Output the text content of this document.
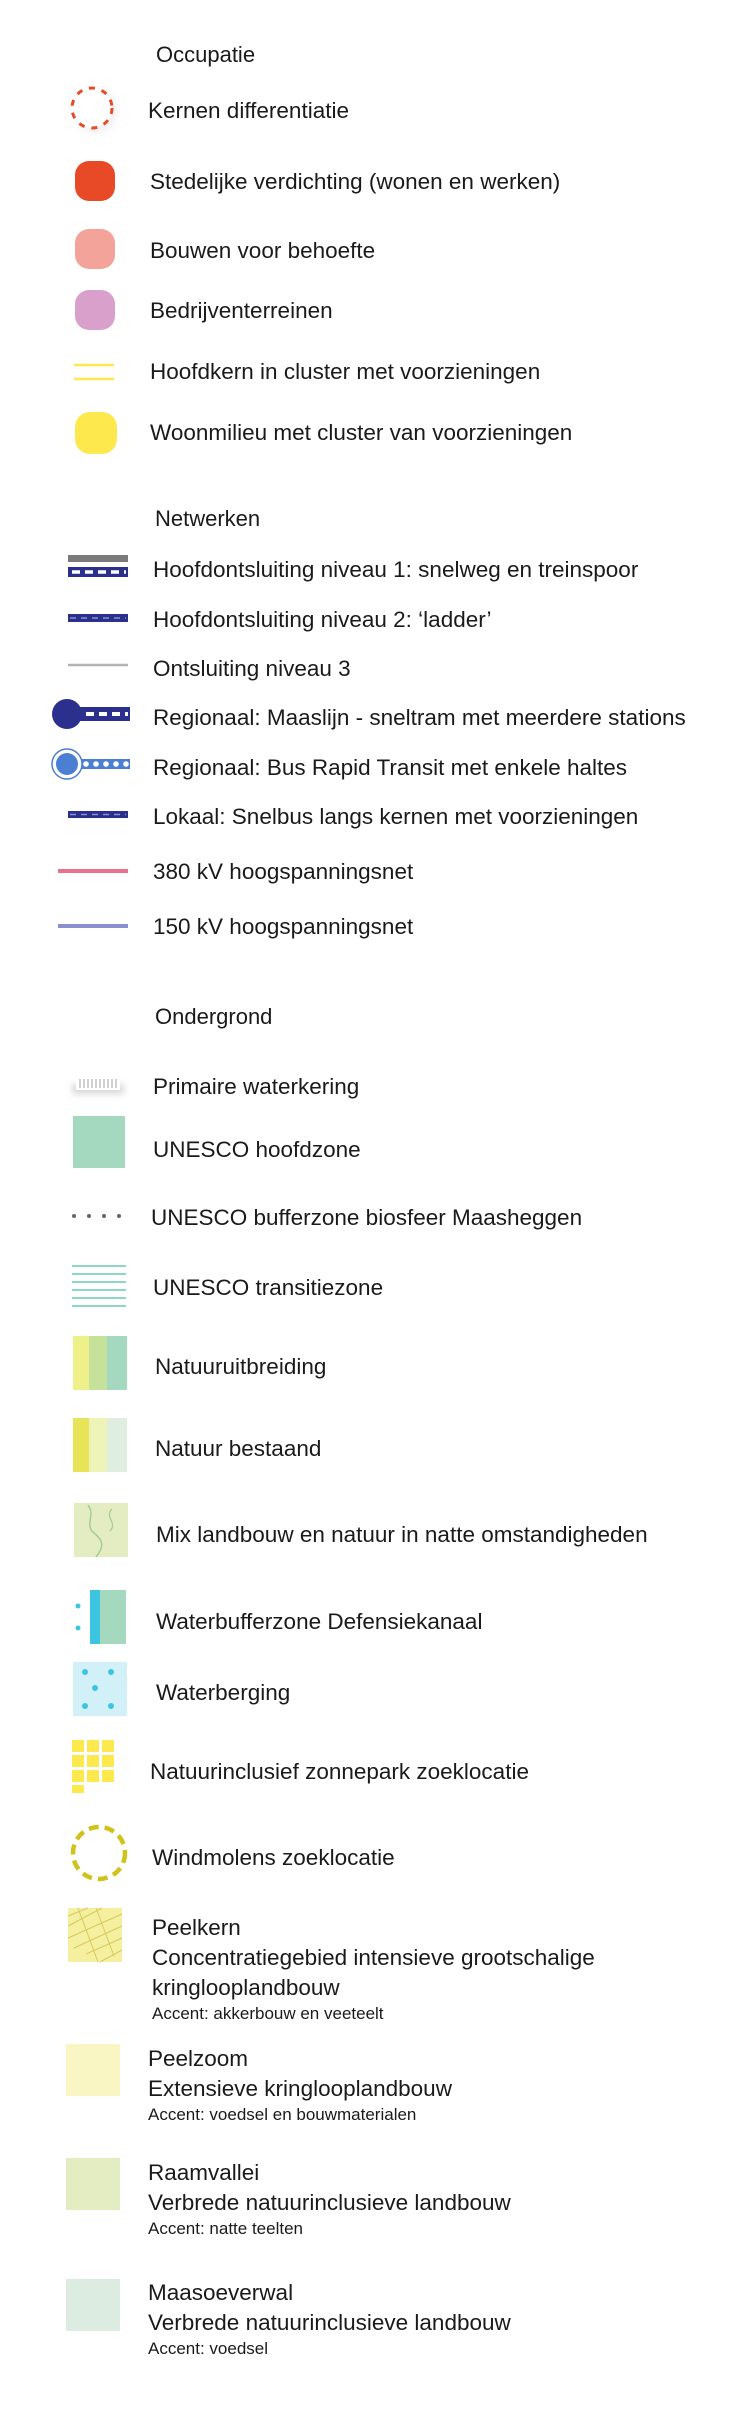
Occupatie
Kernen differentiatie
Stedelijke verdichting (wonen en werken)
Bouwen voor behoefte
Bedrijventerreinen
Hoofdkern in cluster met voorzieningen
Woonmilieu met cluster van voorzieningen
Netwerken
Hoofdontsluiting niveau 1: snelweg en treinspoor
Hoofdontsluiting niveau 2: ‘ladder’
Ontsluiting niveau 3
Regionaal: Maaslijn - sneltram met meerdere stations
Regionaal: Bus Rapid Transit met enkele haltes
Lokaal: Snelbus langs kernen met voorzieningen
380 kV hoogspanningsnet
150 kV hoogspanningsnet
Ondergrond
Primaire waterkering
UNESCO hoofdzone
UNESCO bufferzone biosfeer Maasheggen
UNESCO transitiezone
Natuuruitbreiding
Natuur bestaand
Mix landbouw en natuur in natte omstandigheden
Waterbufferzone Defensiekanaal
Waterberging
Natuurinclusief zonnepark zoeklocatie
Windmolens zoeklocatie
Peelkern
Concentratiegebied intensieve grootschalige
kringlooplandbouw
Accent: akkerbouw en veeteelt
Peelzoom
Extensieve kringlooplandbouw
Accent: voedsel en bouwmaterialen
Raamvallei
Verbrede natuurinclusieve landbouw
Accent: natte teelten
Maasoeverwal
Verbrede natuurinclusieve landbouw
Accent: voedsel
